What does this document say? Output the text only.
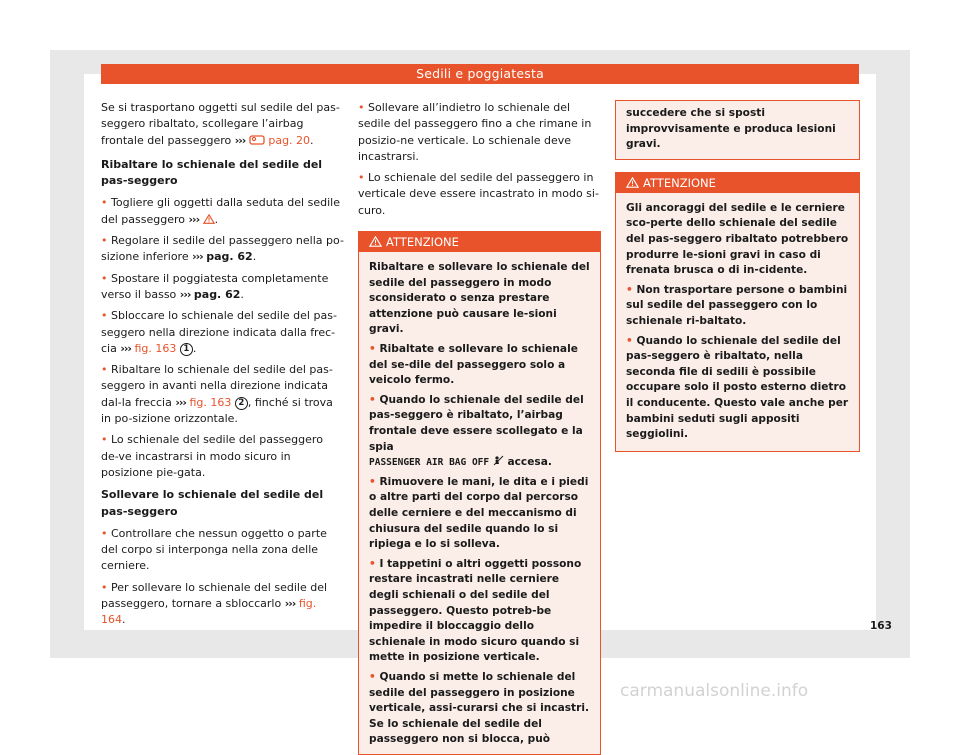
Sedili e poggiatesta

Se si trasportano oggetti sul sedile del pas-seggero ribaltato, scollegare l’airbag frontale del passeggero ››› pag. 20.

Ribaltare lo schienale del sedile del pas-seggero

• Togliere gli oggetti dalla seduta del sedile del passeggero ››› .

• Regolare il sedile del passeggero nella po-sizione inferiore ››› pag. 62.

• Spostare il poggiatesta completamente verso il basso ››› pag. 62.

• Sbloccare lo schienale del sedile del pas-seggero nella direzione indicata dalla frec-cia ››› fig. 163 1 .

• Ribaltare lo schienale del sedile del pas-seggero in avanti nella direzione indicata dal-la freccia ››› fig. 163 2 , finché si trova in po-sizione orizzontale.

• Lo schienale del sedile del passeggero de-ve incastrarsi in modo sicuro in posizione pie-gata.

Sollevare lo schienale del sedile del pas-seggero

• Controllare che nessun oggetto o parte del corpo si interponga nella zona delle cerniere.

• Per sollevare lo schienale del sedile del passeggero, tornare a sbloccarlo ››› fig. 164.

• Sollevare all’indietro lo schienale del sedile del passeggero fino a che rimane in posizio-ne verticale. Lo schienale deve incastrarsi.

• Lo schienale del sedile del passeggero in verticale deve essere incastrato in modo si-curo.

ATTENZIONE

Ribaltare e sollevare lo schienale del sedile del passeggero in modo sconsiderato o senza prestare attenzione può causare le-sioni gravi.

• Ribaltate e sollevare lo schienale del se-dile del passeggero solo a veicolo fermo.

• Quando lo schienale del sedile del pas-seggero è ribaltato, l’airbag frontale deve essere scollegato e la spia
PASSENGER AIR BAG OFF  accesa.

• Rimuovere le mani, le dita e i piedi o altre parti del corpo dal percorso delle cerniere e del meccanismo di chiusura del sedile quando lo si ripiega e lo si solleva.

• I tappetini o altri oggetti possono restare incastrati nelle cerniere degli schienali o del sedile del passeggero. Questo potreb-be impedire il bloccaggio dello schienale in modo sicuro quando si mette in posizione verticale.

• Quando si mette lo schienale del sedile del passeggero in posizione verticale, assi-curarsi che si incastri. Se lo schienale del sedile del passeggero non si blocca, può

succedere che si sposti improvvisamente e produca lesioni gravi.
ATTENZIONE

Gli ancoraggi del sedile e le cerniere sco-perte dello schienale del sedile del pas-seggero ribaltato potrebbero produrre le-sioni gravi in caso di frenata brusca o di in-cidente.

• Non trasportare persone o bambini sul sedile del passeggero con lo schienale ri-baltato.

• Quando lo schienale del sedile del pas-seggero è ribaltato, nella seconda file di sedili è possibile occupare solo il posto esterno dietro il conducente. Questo vale anche per bambini seduti sugli appositi seggiolini.

163
carmanualsonline.info
